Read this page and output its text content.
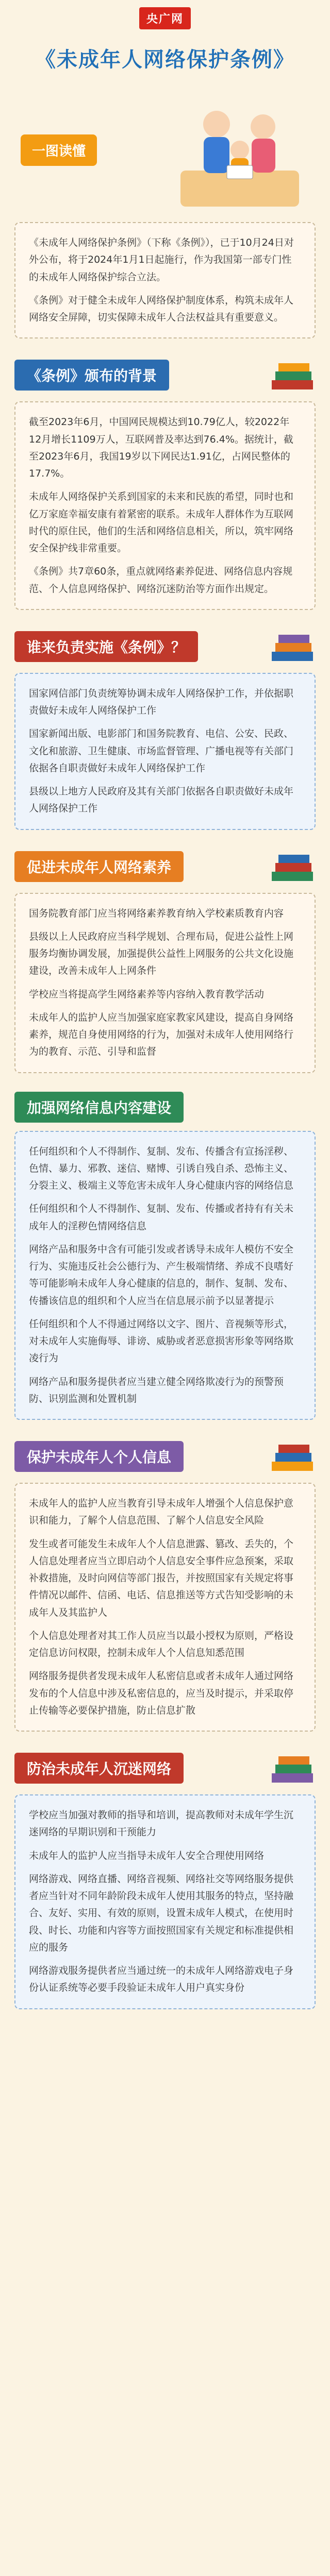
央广网
《未成年人网络保护条例》
一图读懂

《未成年人网络保护条例》（下称《条例》），已于10月24日对外公布，将于2024年1月1日起施行，作为我国第一部专门性的未成年人网络保护综合立法。

《条例》对于健全未成年人网络保护制度体系，构筑未成年人网络安全屏障，切实保障未成年人合法权益具有重要意义。

《条例》颁布的背景

截至2023年6月，中国网民规模达到10.79亿人，较2022年12月增长1109万人，互联网普及率达到76.4%。据统计，截至2023年6月，我国19岁以下网民达1.91亿，占网民整体的17.7%。

未成年人网络保护关系到国家的未来和民族的希望，同时也和亿万家庭幸福安康有着紧密的联系。未成年人群体作为互联网时代的原住民，他们的生活和网络信息相关，所以，筑牢网络安全保护线非常重要。

《条例》共7章60条，重点就网络素养促进、网络信息内容规范、个人信息网络保护、网络沉迷防治等方面作出规定。

谁来负责实施《条例》？

国家网信部门负责统筹协调未成年人网络保护工作，并依据职责做好未成年人网络保护工作

国家新闻出版、电影部门和国务院教育、电信、公安、民政、文化和旅游、卫生健康、市场监督管理、广播电视等有关部门依据各自职责做好未成年人网络保护工作

县级以上地方人民政府及其有关部门依据各自职责做好未成年人网络保护工作

促进未成年人网络素养

国务院教育部门应当将网络素养教育纳入学校素质教育内容

县级以上人民政府应当科学规划、合理布局，促进公益性上网服务均衡协调发展，加强提供公益性上网服务的公共文化设施建设，改善未成年人上网条件

学校应当将提高学生网络素养等内容纳入教育教学活动

未成年人的监护人应当加强家庭家教家风建设，提高自身网络素养，规范自身使用网络的行为，加强对未成年人使用网络行为的教育、示范、引导和监督

加强网络信息内容建设

任何组织和个人不得制作、复制、发布、传播含有宣扬淫秽、色情、暴力、邪教、迷信、赌博、引诱自残自杀、恐怖主义、分裂主义、极端主义等危害未成年人身心健康内容的网络信息

任何组织和个人不得制作、复制、发布、传播或者持有有关未成年人的淫秽色情网络信息

网络产品和服务中含有可能引发或者诱导未成年人模仿不安全行为、实施违反社会公德行为、产生极端情绪、养成不良嗜好等可能影响未成年人身心健康的信息的，制作、复制、发布、传播该信息的组织和个人应当在信息展示前予以显著提示

任何组织和个人不得通过网络以文字、图片、音视频等形式，对未成年人实施侮辱、诽谤、威胁或者恶意损害形象等网络欺凌行为

网络产品和服务提供者应当建立健全网络欺凌行为的预警预防、识别监测和处置机制

保护未成年人个人信息

未成年人的监护人应当教育引导未成年人增强个人信息保护意识和能力，了解个人信息范围、了解个人信息安全风险

发生或者可能发生未成年人个人信息泄露、篡改、丢失的，个人信息处理者应当立即启动个人信息安全事件应急预案，采取补救措施，及时向网信等部门报告，并按照国家有关规定将事件情况以邮件、信函、电话、信息推送等方式告知受影响的未成年人及其监护人

个人信息处理者对其工作人员应当以最小授权为原则，严格设定信息访问权限，控制未成年人个人信息知悉范围

网络服务提供者发现未成年人私密信息或者未成年人通过网络发布的个人信息中涉及私密信息的，应当及时提示，并采取停止传输等必要保护措施，防止信息扩散

防治未成年人沉迷网络

学校应当加强对教师的指导和培训，提高教师对未成年学生沉迷网络的早期识别和干预能力

未成年人的监护人应当指导未成年人安全合理使用网络

网络游戏、网络直播、网络音视频、网络社交等网络服务提供者应当针对不同年龄阶段未成年人使用其服务的特点，坚持融合、友好、实用、有效的原则，设置未成年人模式，在使用时段、时长、功能和内容等方面按照国家有关规定和标准提供相应的服务

网络游戏服务提供者应当通过统一的未成年人网络游戏电子身份认证系统等必要手段验证未成年人用户真实身份
